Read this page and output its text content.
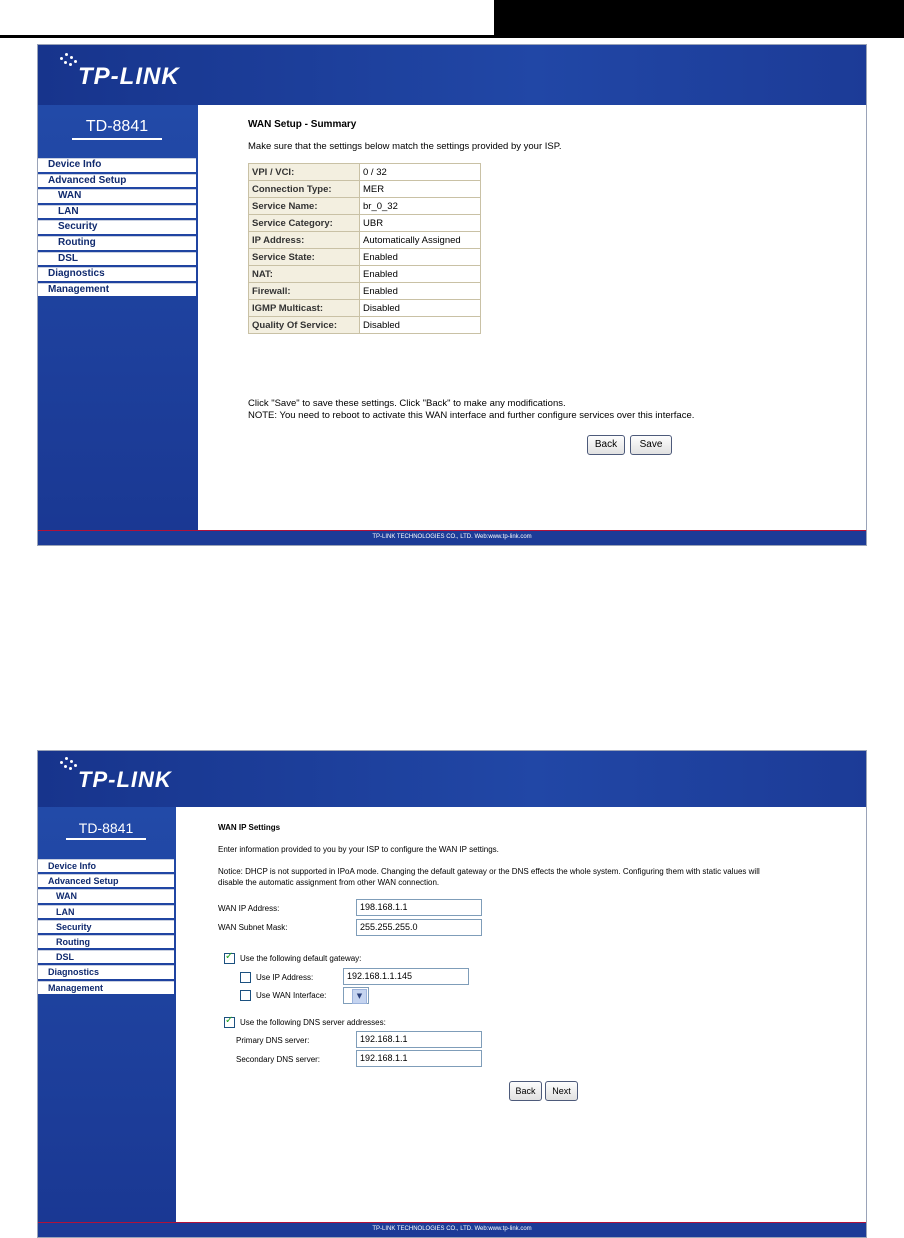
TP-LINK
TD-8841
Device Info
Advanced Setup
WAN
LAN
Security
Routing
DSL
Diagnostics
Management
WAN Setup - Summary
Make sure that the settings below match the settings provided by your ISP.
VPI / VCI:	0 / 32
Connection Type:	MER
Service Name:	br_0_32
Service Category:	UBR
IP Address:	Automatically Assigned
Service State:	Enabled
NAT:	Enabled
Firewall:	Enabled
IGMP Multicast:	Disabled
Quality Of Service:	Disabled
Click "Save" to save these settings. Click "Back" to make any modifications.
NOTE: You need to reboot to activate this WAN interface and further configure services over this interface.
Back	Save
TP-LINK TECHNOLOGIES CO., LTD. Web:www.tp-link.com
TP-LINK
TD-8841
Device Info
Advanced Setup
WAN
LAN
Security
Routing
DSL
Diagnostics
Management
WAN IP Settings
Enter information provided to you by your ISP to configure the WAN IP settings.
Notice: DHCP is not supported in IPoA mode. Changing the default gateway or the DNS effects the whole system. Configuring them with static values will
disable the automatic assignment from other WAN connection.
WAN IP Address:	198.168.1.1
WAN Subnet Mask:	255.255.255.0
✓
Use the following default gateway:
Use IP Address:	192.168.1.1.145
Use WAN Interface:	▼
✓
Use the following DNS server addresses:
Primary DNS server:	192.168.1.1
Secondary DNS server:	192.168.1.1
Back	Next
TP-LINK TECHNOLOGIES CO., LTD. Web:www.tp-link.com
